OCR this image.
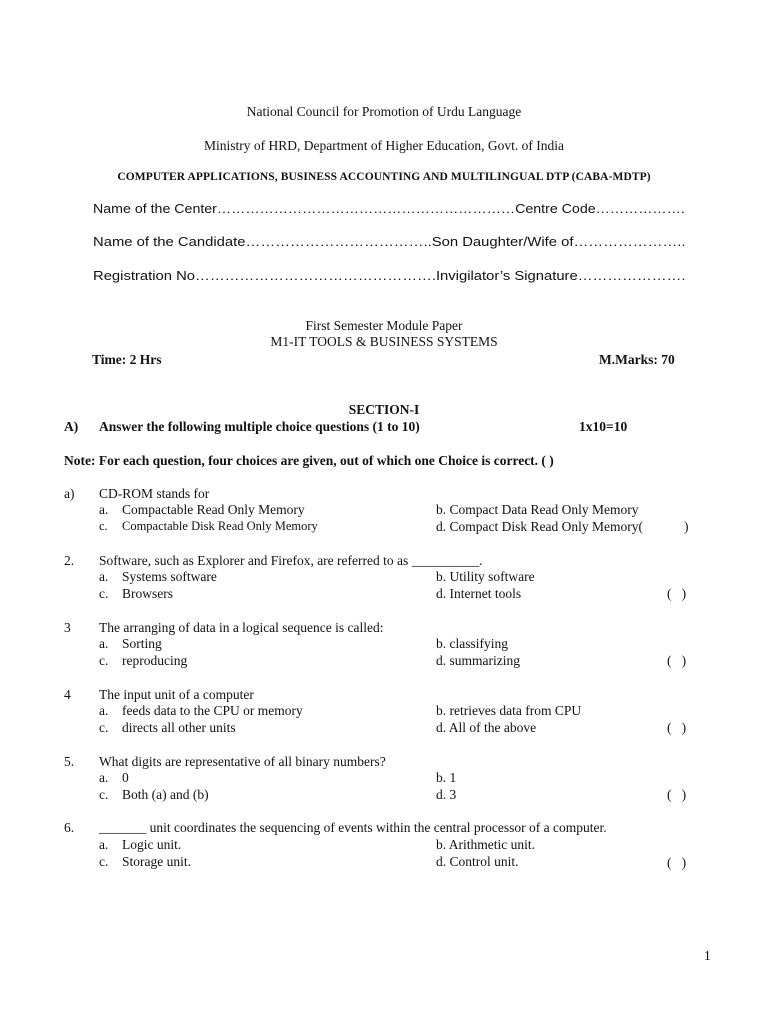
National Council for Promotion of Urdu Language
Ministry of HRD, Department of Higher Education, Govt. of India
COMPUTER APPLICATIONS, BUSINESS ACCOUNTING AND MULTILINGUAL DTP (CABA-MDTP)
Name of the Center………………………………………………………Centre Code……………….
Name of the Candidate………………………………..Son Daughter/Wife of…………………..
Registration No………………………………………….Invigilator’s Signature………………….
First Semester Module Paper
M1-IT TOOLS & BUSINESS SYSTEMS
Time: 2 Hrs	M.Marks: 70
SECTION-I
A) Answer the following multiple choice questions (1 to 10)	1x10=10
Note: For each question, four choices are given, out of which one Choice is correct. ( )
a) CD-ROM stands for
a. Compactable Read Only Memory	b. Compact Data Read Only Memory
c. Compactable Disk Read Only Memory	d. Compact Disk Read Only Memory(	)
2. Software, such as Explorer and Firefox, are referred to as __________.
a. Systems software	b. Utility software
c. Browsers	d. Internet tools	(   )
3 The arranging of data in a logical sequence is called:
a. Sorting	b. classifying
c. reproducing	d. summarizing	(   )
4 The input unit of a computer
a. feeds data to the CPU or memory	b. retrieves data from CPU
c. directs all other units	d. All of the above	(   )
5. What digits are representative of all binary numbers?
a. 0	b. 1
c. Both (a) and (b)	d. 3	(   )
6. _______ unit coordinates the sequencing of events within the central processor of a computer.
a. Logic unit.	b. Arithmetic unit.
c. Storage unit.	d. Control unit.	(   )
1
